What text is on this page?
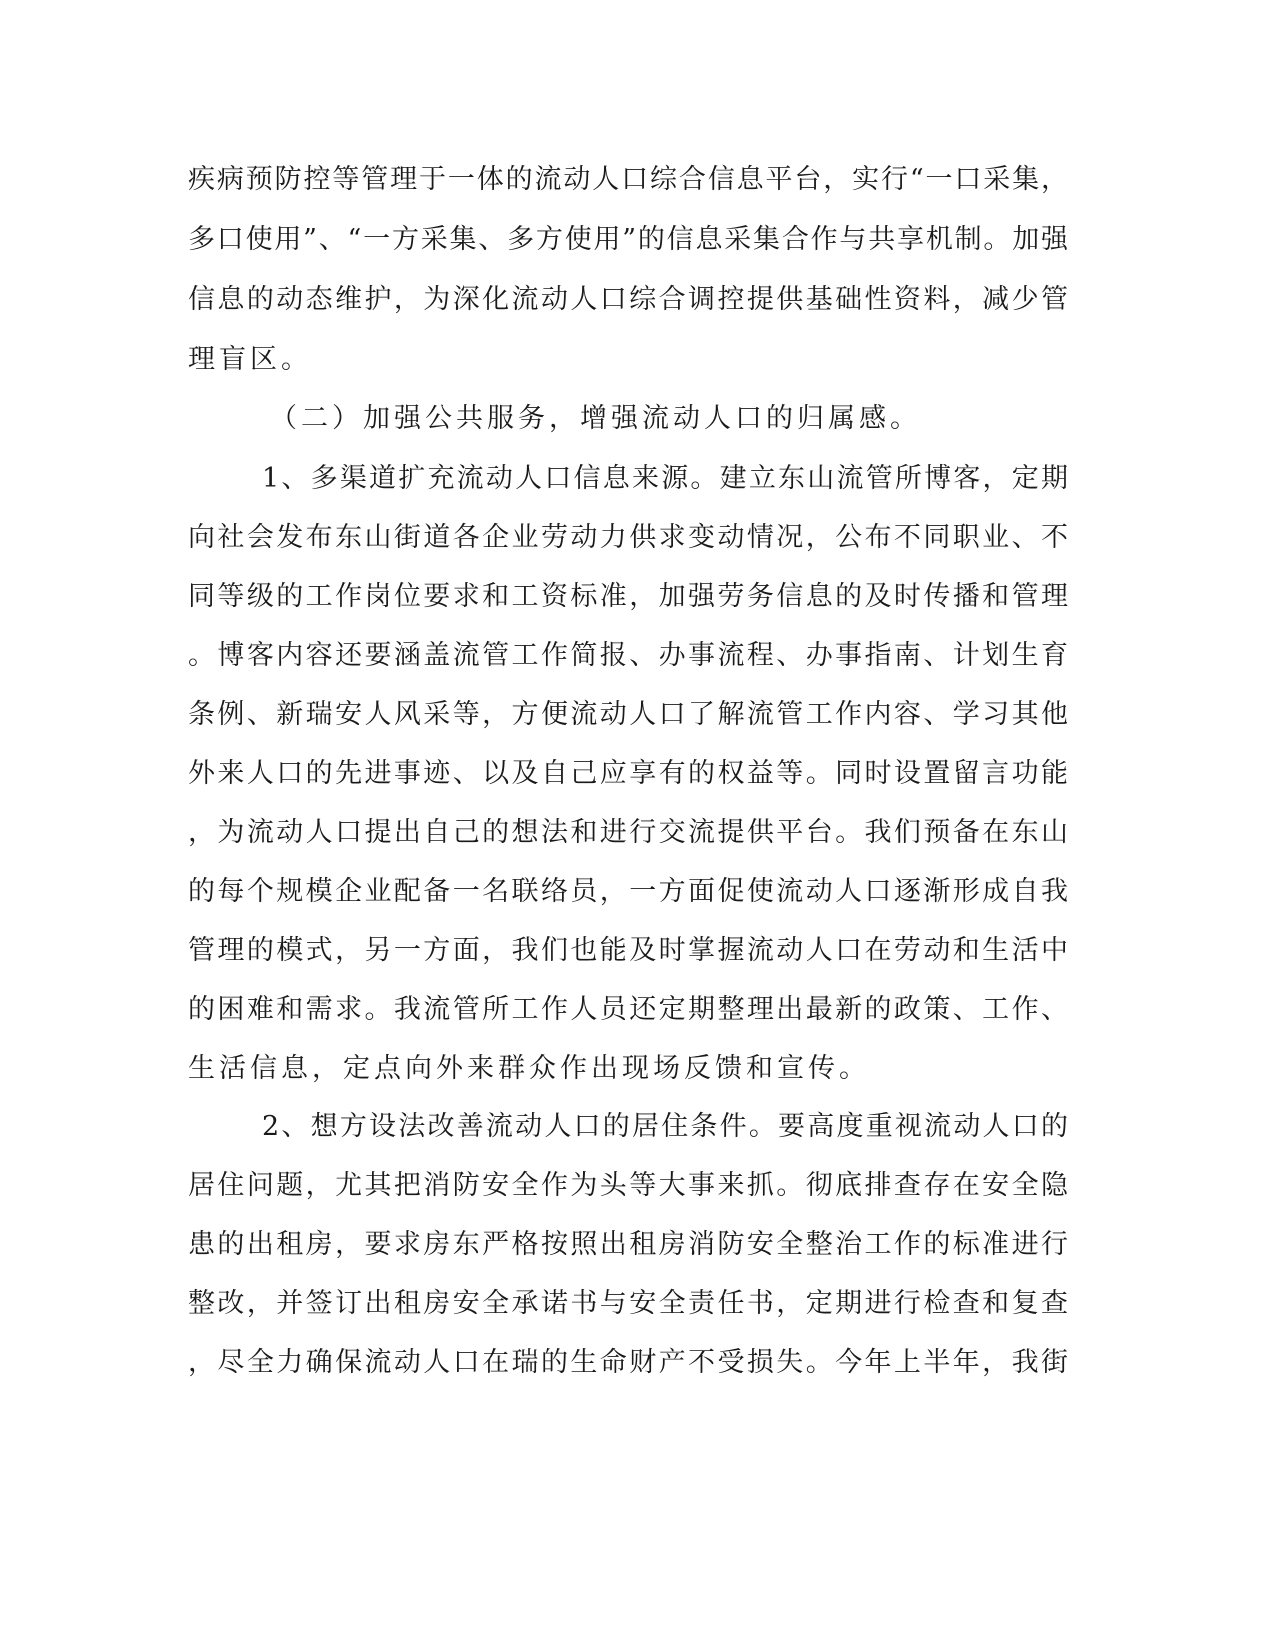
疾病预防控等管理于一体的流动人口综合信息平台，实行“一口采集，
多口使用”、“一方采集、多方使用”的信息采集合作与共享机制。加强
信息的动态维护，为深化流动人口综合调控提供基础性资料，减少管
理盲区。
（二）加强公共服务，增强流动人口的归属感。
1、多渠道扩充流动人口信息来源。建立东山流管所博客，定期
向社会发布东山街道各企业劳动力供求变动情况，公布不同职业、不
同等级的工作岗位要求和工资标准，加强劳务信息的及时传播和管理
。博客内容还要涵盖流管工作简报、办事流程、办事指南、计划生育
条例、新瑞安人风采等，方便流动人口了解流管工作内容、学习其他
外来人口的先进事迹、以及自己应享有的权益等。同时设置留言功能
，为流动人口提出自己的想法和进行交流提供平台。我们预备在东山
的每个规模企业配备一名联络员，一方面促使流动人口逐渐形成自我
管理的模式，另一方面，我们也能及时掌握流动人口在劳动和生活中
的困难和需求。我流管所工作人员还定期整理出最新的政策、工作、
生活信息，定点向外来群众作出现场反馈和宣传。
2、想方设法改善流动人口的居住条件。要高度重视流动人口的
居住问题，尤其把消防安全作为头等大事来抓。彻底排查存在安全隐
患的出租房，要求房东严格按照出租房消防安全整治工作的标准进行
整改，并签订出租房安全承诺书与安全责任书，定期进行检查和复查
，尽全力确保流动人口在瑞的生命财产不受损失。今年上半年，我街
